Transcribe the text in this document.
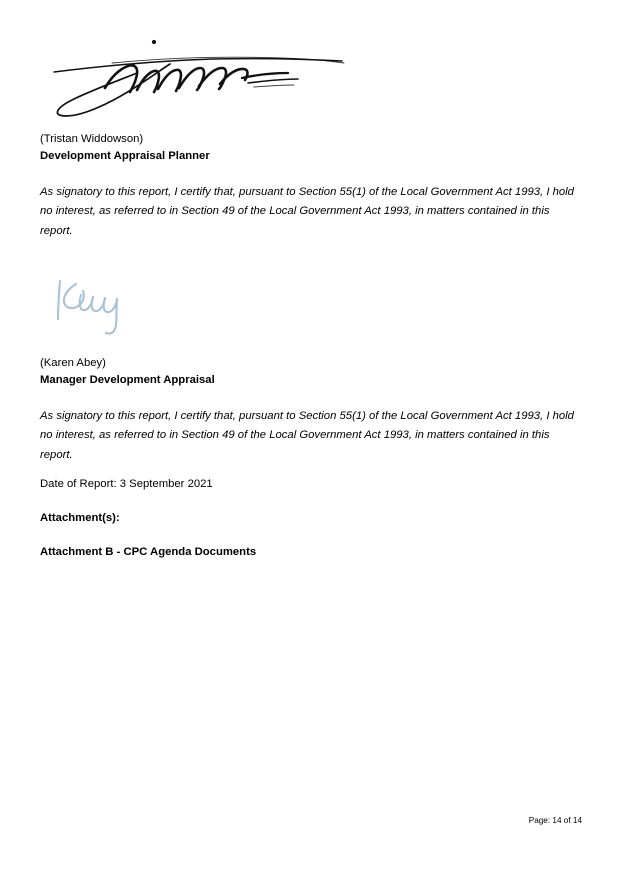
(Tristan Widdowson)
Development Appraisal Planner
As signatory to this report, I certify that, pursuant to Section 55(1) of the Local Government Act 1993, I hold no interest, as referred to in Section 49 of the Local Government Act 1993, in matters contained in this report.
(Karen Abey)
Manager Development Appraisal
As signatory to this report, I certify that, pursuant to Section 55(1) of the Local Government Act 1993, I hold no interest, as referred to in Section 49 of the Local Government Act 1993, in matters contained in this report.
Date of Report: 3 September 2021
Attachment(s):
Attachment B - CPC Agenda Documents
Page: 14 of 14
